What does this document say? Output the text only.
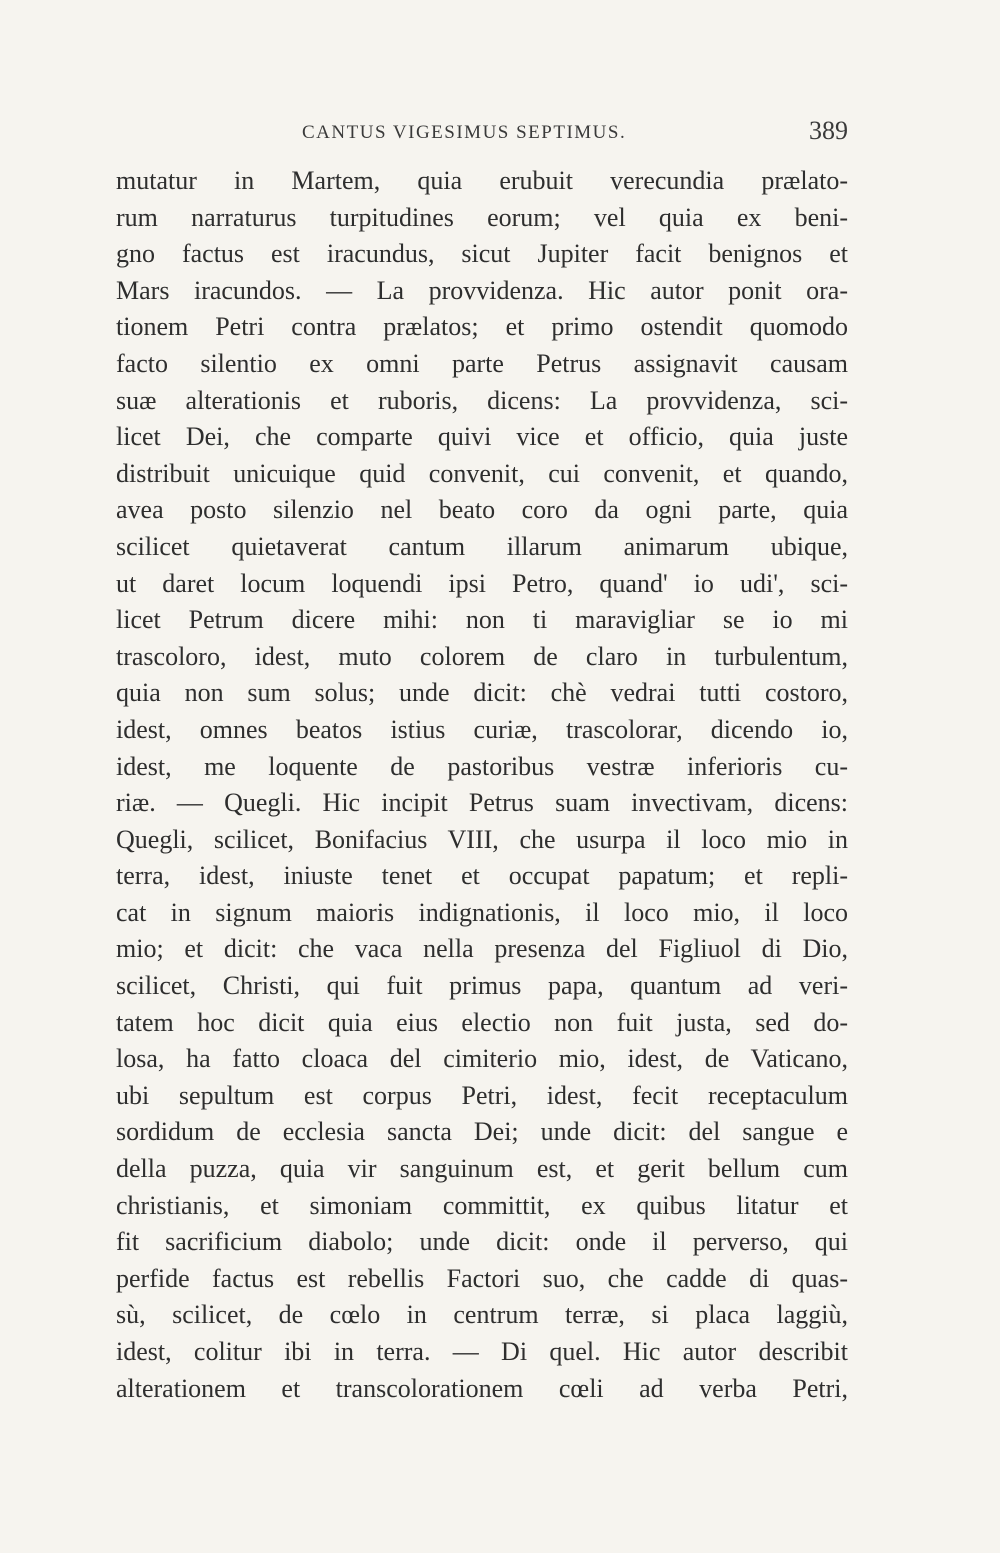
CANTUS VIGESIMUS SEPTIMUS.	389
mutatur in Martem, quia erubuit verecundia prælato-
rum narraturus turpitudines eorum; vel quia ex beni-
gno factus est iracundus, sicut Jupiter facit benignos et
Mars iracundos. — La provvidenza. Hic autor ponit ora-
tionem Petri contra prælatos; et primo ostendit quomodo
facto silentio ex omni parte Petrus assignavit causam
suæ alterationis et ruboris, dicens: La provvidenza, sci-
licet Dei, che comparte quivi vice et officio, quia juste
distribuit unicuique quid convenit, cui convenit, et quando,
avea posto silenzio nel beato coro da ogni parte, quia
scilicet quietaverat cantum illarum animarum ubique,
ut daret locum loquendi ipsi Petro, quand' io udi', sci-
licet Petrum dicere mihi: non ti maravigliar se io mi
trascoloro, idest, muto colorem de claro in turbulentum,
quia non sum solus; unde dicit: chè vedrai tutti costoro,
idest, omnes beatos istius curiæ, trascolorar, dicendo io,
idest, me loquente de pastoribus vestræ inferioris cu-
riæ. — Quegli. Hic incipit Petrus suam invectivam, dicens:
Quegli, scilicet, Bonifacius VIII, che usurpa il loco mio in
terra, idest, iniuste tenet et occupat papatum; et repli-
cat in signum maioris indignationis, il loco mio, il loco
mio; et dicit: che vaca nella presenza del Figliuol di Dio,
scilicet, Christi, qui fuit primus papa, quantum ad veri-
tatem hoc dicit quia eius electio non fuit justa, sed do-
losa, ha fatto cloaca del cimiterio mio, idest, de Vaticano,
ubi sepultum est corpus Petri, idest, fecit receptaculum
sordidum de ecclesia sancta Dei; unde dicit: del sangue e
della puzza, quia vir sanguinum est, et gerit bellum cum
christianis, et simoniam committit, ex quibus litatur et
fit sacrificium diabolo; unde dicit: onde il perverso, qui
perfide factus est rebellis Factori suo, che cadde di quas-
sù, scilicet, de cœlo in centrum terræ, si placa laggiù,
idest, colitur ibi in terra. — Di quel. Hic autor describit
alterationem et transcolorationem cœli ad verba Petri,
